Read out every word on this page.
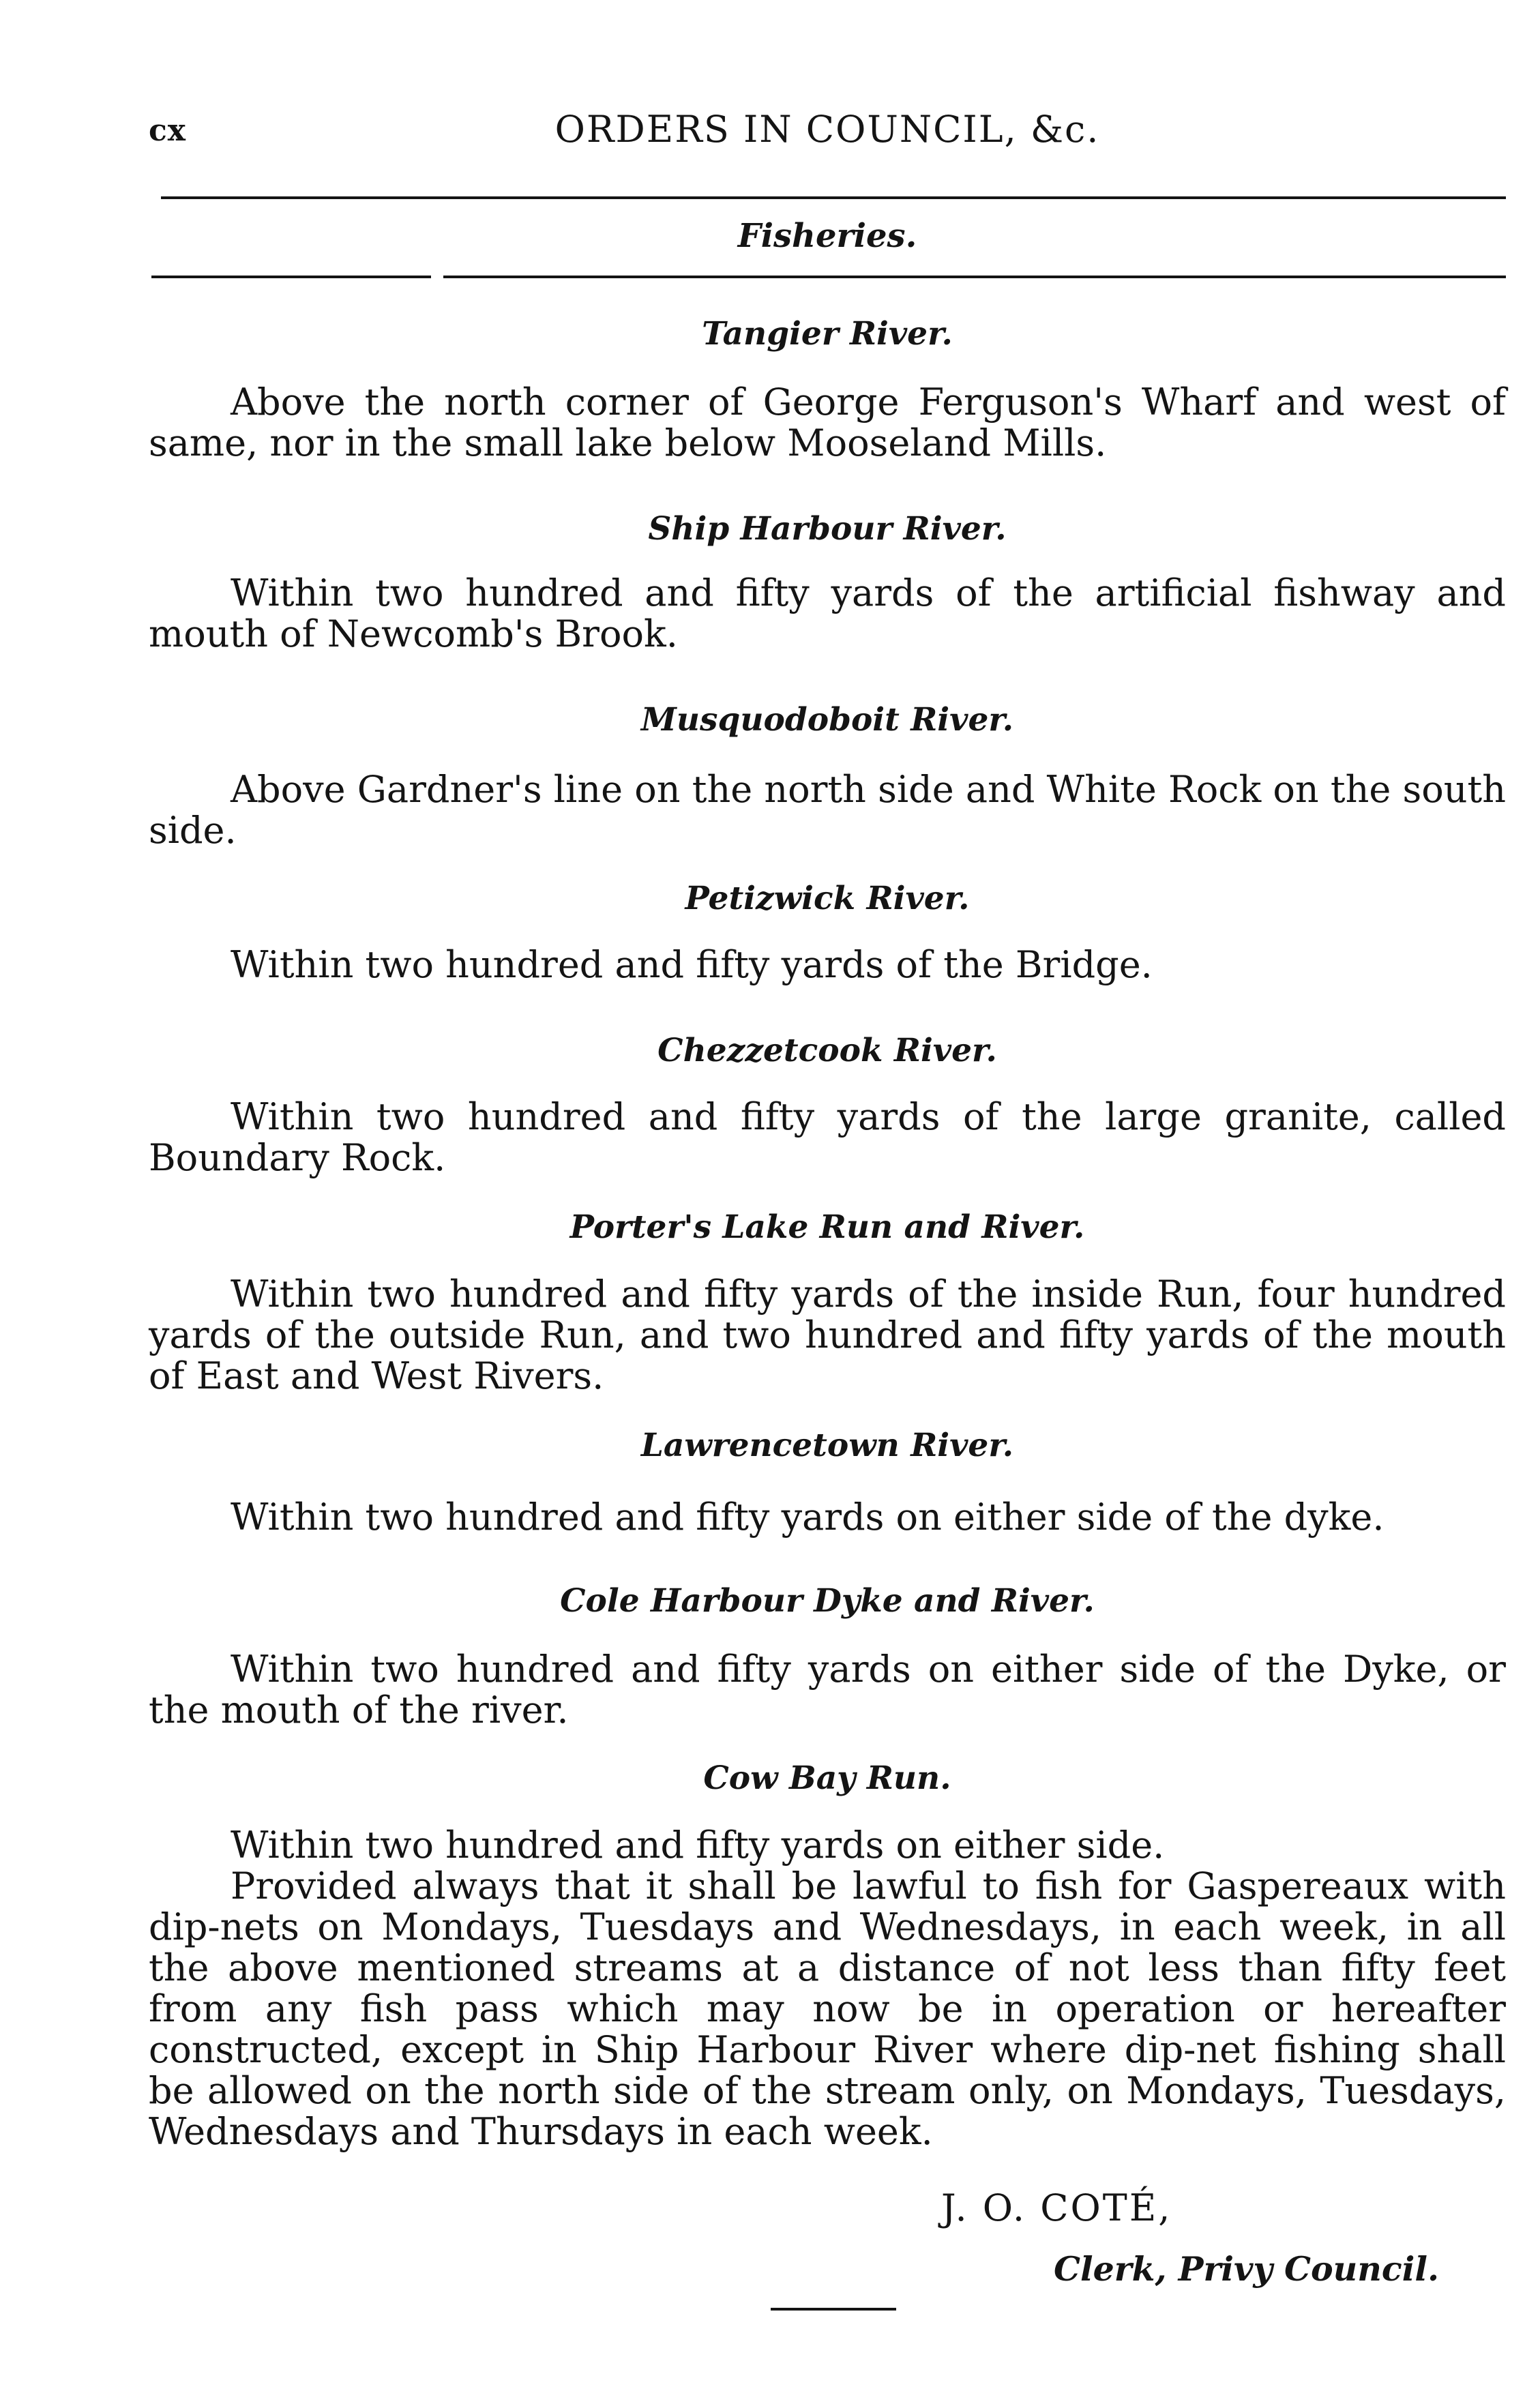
cx	ORDERS IN COUNCIL, &c.
Fisheries.
Tangier River.
Above the north corner of George Ferguson's Wharf and west of same, nor in the small lake below Mooseland Mills.
Ship Harbour River.
Within two hundred and fifty yards of the artificial fishway and mouth of Newcomb's Brook.
Musquodoboit River.
Above Gardner's line on the north side and White Rock on the south side.
Petizwick River.
Within two hundred and fifty yards of the Bridge.
Chezzetcook River.
Within two hundred and fifty yards of the large granite, called Boundary Rock.
Porter's Lake Run and River.
Within two hundred and fifty yards of the inside Run, four hundred yards of the outside Run, and two hundred and fifty yards of the mouth of East and West Rivers.
Lawrencetown River.
Within two hundred and fifty yards on either side of the dyke.
Cole Harbour Dyke and River.
Within two hundred and fifty yards on either side of the Dyke, or the mouth of the river.
Cow Bay Run.
Within two hundred and fifty yards on either side.
Provided always that it shall be lawful to fish for Gaspereaux with dip-nets on Mondays, Tuesdays and Wednesdays, in each week, in all the above mentioned streams at a distance of not less than fifty feet from any fish pass which may now be in operation or hereafter constructed, except in Ship Harbour River where dip-net fishing shall be allowed on the north side of the stream only, on Mondays, Tuesdays, Wednesdays and Thursdays in each week.
J. O. COTÉ,
Clerk, Privy Council.
